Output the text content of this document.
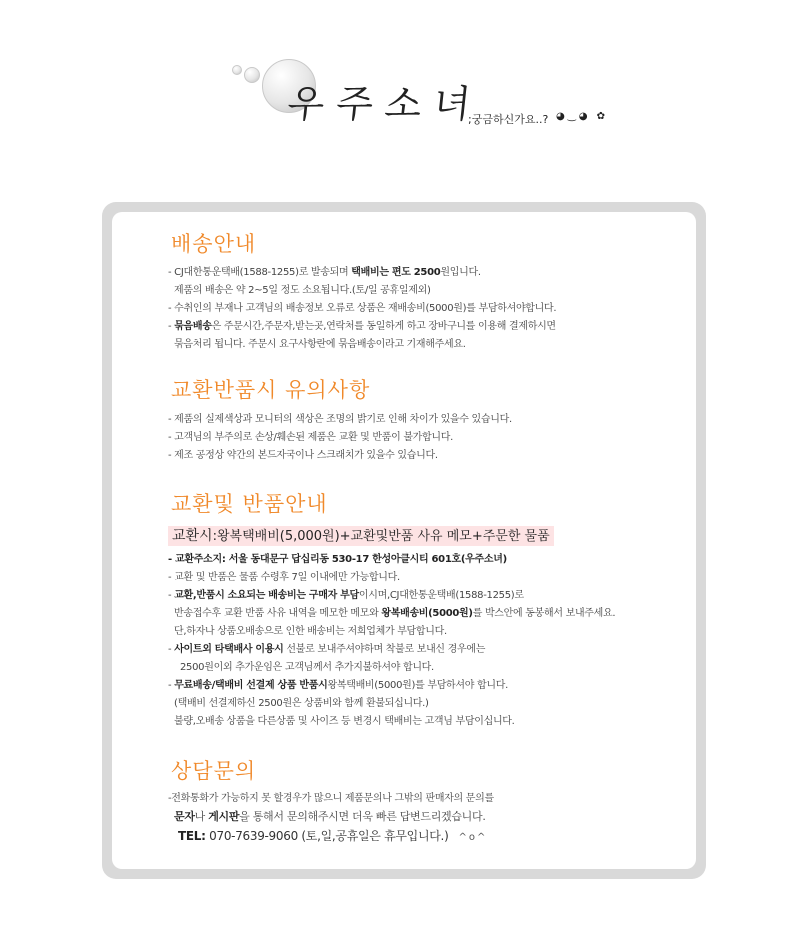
우주소녀
;궁금하신가요..? ◕‿◕ ✿
배송안내
- CJ대한통운택배(1588-1255)로 발송되며 택배비는 편도 2500원입니다.
제품의 배송은 약 2~5일 정도 소요됩니다.(토/일 공휴일제외)
- 수취인의 부재나 고객님의 배송정보 오류로 상품은 재배송비(5000원)를 부담하셔야합니다.
- 묶음배송은 주문시간,주문자,받는곳,연락처를 동일하게 하고 장바구니를 이용해 결제하시면
묶음처리 됩니다. 주문시 요구사항란에 묶음배송이라고 기재해주세요.
교환반품시 유의사항
- 제품의 실제색상과 모니터의 색상은 조명의 밝기로 인해 차이가 있을수 있습니다.
- 고객님의 부주의로 손상/훼손된 제품은 교환 및 반품이 불가합니다.
- 제조 공정상 약간의 본드자국이나 스크래치가 있을수 있습니다.
교환및 반품안내
교환시:왕복택배비(5,000원)+교환및반품 사유 메모+주문한 물품
- 교환주소지: 서울 동대문구 답십리동 530-17 한성아클시티 601호(우주소녀)
- 교환 및 반품은 물품 수령후 7일 이내에만 가능합니다.
- 교환,반품시 소요되는 배송비는 구매자 부담이시며,CJ대한통운택배(1588-1255)로
반송접수후 교환 반품 사유 내역을 메모한 메모와 왕복배송비(5000원)를 박스안에 동봉해서 보내주세요.
단,하자나 상품오배송으로 인한 배송비는 저희업체가 부담합니다.
- 사이트외 타택배사 이용시 선불로 보내주셔야하며 착불로 보내신 경우에는
2500원이외 추가운임은 고객님께서 추가지불하셔야 합니다.
- 무료배송/택배비 선결제 상품 반품시왕복택배비(5000원)를 부담하셔야 합니다.
(택배비 선결제하신 2500원은 상품비와 함께 환불되십니다.)
불량,오배송 상품을 다른상품 및 사이즈 등 변경시 택배비는 고객님 부담이십니다.
상담문의
-전화통화가 가능하지 못 할경우가 많으니 제품문의나 그밖의 판매자의 문의를
문자나 게시판을 통해서 문의해주시면 더욱 빠른 답변드리겠습니다.
TEL: 070-7639-9060 (토,일,공휴일은 휴무입니다.) ^o^
